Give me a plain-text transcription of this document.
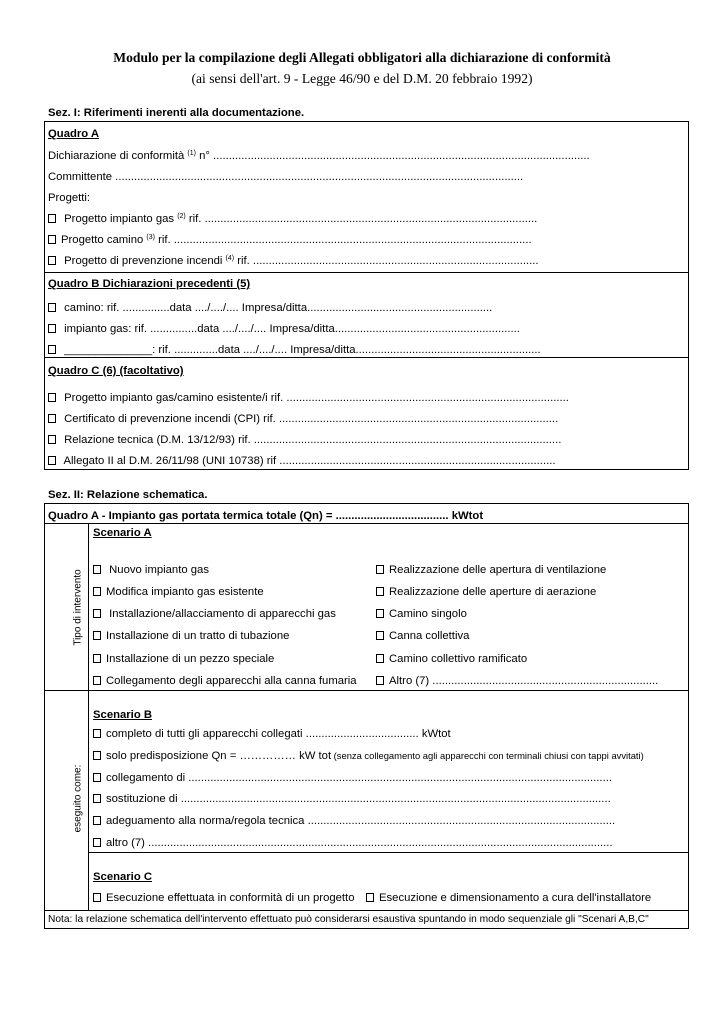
Modulo per la compilazione degli Allegati obbligatori alla dichiarazione di conformità
(ai sensi dell'art. 9 - Legge 46/90 e del D.M. 20 febbraio 1992)
Sez. I: Riferimenti inerenti alla documentazione.
Quadro A
Dichiarazione di conformità $^{(1)}$ n° ........................................................................................................................
Committente ..................................................................................................................................
Progetti:
Progetto impianto gas $^{(2)}$ rif. ..........................................................................................................
Progetto camino $^{(3)}$ rif. ..................................................................................................................
Progetto di prevenzione incendi $^{(4)}$ rif. ...........................................................................................
Quadro B Dichiarazioni precedenti (5)
camino: rif. ...............data ..../..../.... Impresa/ditta...........................................................
impianto gas: rif. ...............data ..../..../.... Impresa/ditta...........................................................
______________: rif. ..............data ..../..../.... Impresa/ditta...........................................................
Quadro C (6) (facoltativo)
Progetto impianto gas/camino esistente/i rif. ..........................................................................................
Certificato di prevenzione incendi (CPI) rif. .........................................................................................
Relazione tecnica (D.M. 13/12/93) rif. ..................................................................................................
Allegato II al D.M. 26/11/98 (UNI 10738) rif ........................................................................................
Sez. II: Relazione schematica.
Quadro A - Impianto gas portata termica totale (Qn) = .................................... kWtot
Tipo di intervento
eseguito come:
Scenario A
Nuovo impianto gas
Modifica impianto gas esistente
Installazione/allacciamento di apparecchi gas
Installazione di un tratto di tubazione
Installazione di un pezzo speciale
Collegamento degli apparecchi alla canna fumaria
Realizzazione delle apertura di ventilazione
Realizzazione delle aperture di aerazione
Camino singolo
Canna collettiva
Camino collettivo ramificato
Altro (7) ........................................................................
Scenario B
completo di tutti gli apparecchi collegati .................................... kWtot
solo predisposizione Qn = …………… kW tot (senza collegamento agli apparecchi con terminali chiusi con tappi avvitati)
collegamento di .......................................................................................................................................
sostituzione di .........................................................................................................................................
adeguamento alla norma/regola tecnica ..................................................................................................
altro (7) ....................................................................................................................................................
Scenario C
Esecuzione effettuata in conformità di un progetto	Esecuzione e dimensionamento a cura dell'installatore
Nota: la relazione schematica dell'intervento effettuato può considerarsi esaustiva spuntando in modo sequenziale gli "Scenari A,B,C"
